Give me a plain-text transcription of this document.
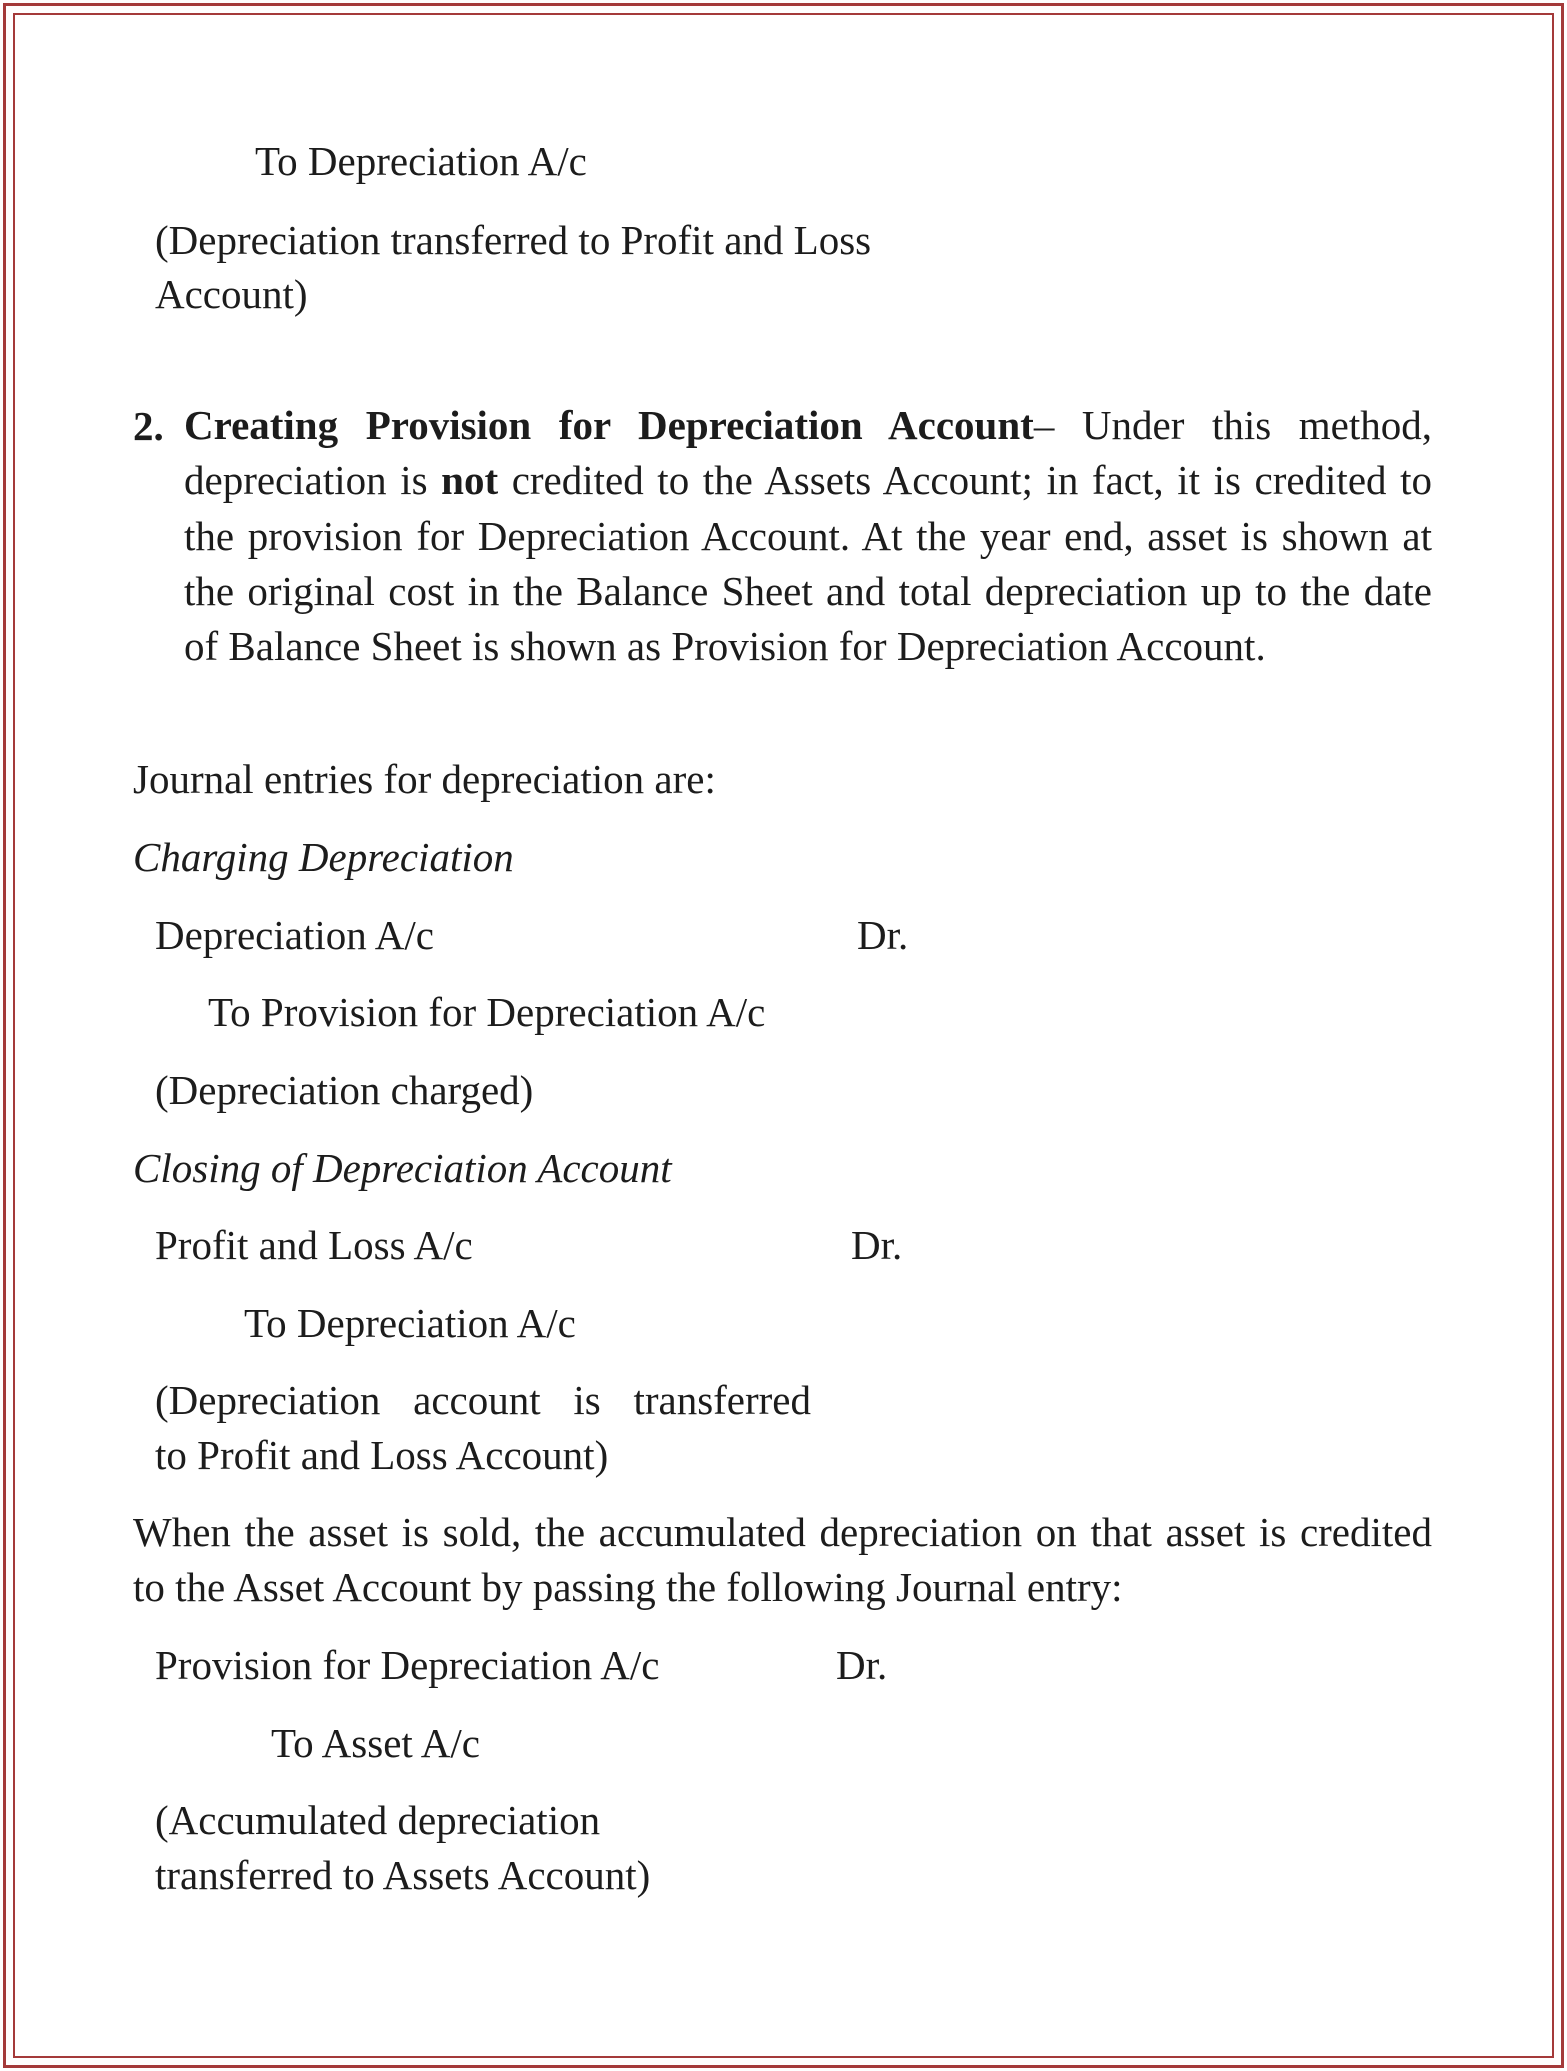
To Depreciation A/c
(Depreciation transferred to Profit and Loss
Account)
2. Creating Provision for Depreciation Account– Under this method, depreciation is not credited to the Assets Account; in fact, it is credited to the provision for Depreciation Account. At the year end, asset is shown at the original cost in the Balance Sheet and total depreciation up to the date of Balance Sheet is shown as Provision for Depreciation Account.
Journal entries for depreciation are:
Charging Depreciation
Depreciation A/c	Dr.
To Provision for Depreciation A/c
(Depreciation charged)
Closing of Depreciation Account
Profit and Loss A/c	Dr.
To Depreciation A/c
(Depreciation account is transferred
to Profit and Loss Account)
When the asset is sold, the accumulated depreciation on that asset is credited to the Asset Account by passing the following Journal entry:
Provision for Depreciation A/c	Dr.
To Asset A/c
(Accumulated depreciation
transferred to Assets Account)
